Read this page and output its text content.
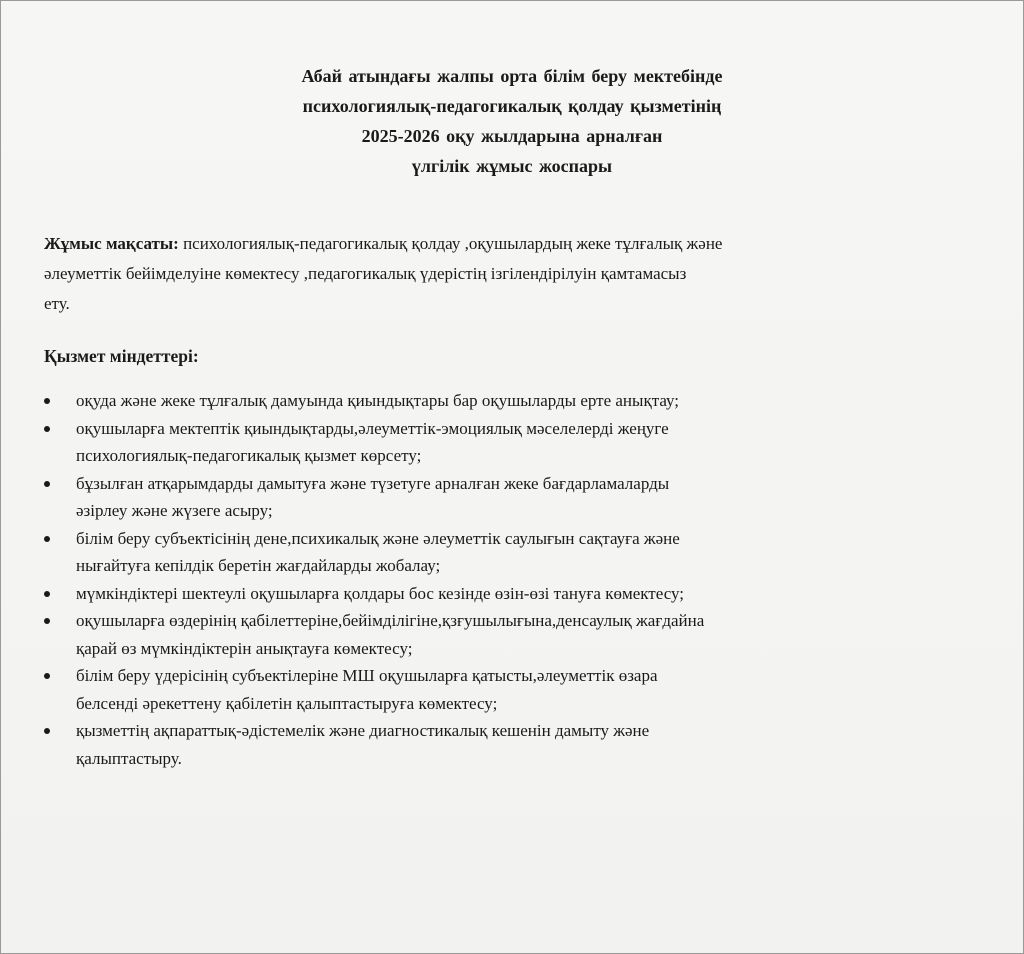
Абай атындағы жалпы орта білім беру мектебінде
психологиялық-педагогикалық қолдау қызметінің
2025-2026 оқу жылдарына арналған
үлгілік жұмыс жоспары
Жұмыс мақсаты: психологиялық-педагогикалық қолдау ,оқушылардың жеке тұлғалық және
әлеуметтік бейімделуіне көмектесу ,педагогикалық үдерістің ізгілендірілуін қамтамасыз
ету.
Қызмет міндеттері:
оқуда және жеке тұлғалық дамуында қиындықтары бар оқушыларды ерте анықтау;
оқушыларға мектептік қиындықтарды,әлеуметтік-эмоциялық мәселелерді жеңуге
психологиялық-педагогикалық қызмет көрсету;
бұзылған атқарымдарды дамытуға және түзетуге арналған жеке бағдарламаларды
әзірлеу және жүзеге асыру;
білім беру субъектісінің дене,психикалық және әлеуметтік саулығын сақтауға және
нығайтуға кепілдік беретін жағдайларды жобалау;
мүмкіндіктері шектеулі оқушыларға қолдары бос кезінде өзін-өзі тануға көмектесу;
оқушыларға өздерінің қабілеттеріне,бейімділігіне,қзғушылығына,денсаулық жағдайна
қарай өз мүмкіндіктерін анықтауға көмектесу;
білім беру үдерісінің субъектілеріне МШ оқушыларға қатысты,әлеуметтік өзара
белсенді әрекеттену қабілетін қалыптастыруға көмектесу;
қызметтің ақпараттық-әдістемелік және диагностикалық кешенін дамыту және
қалыптастыру.
